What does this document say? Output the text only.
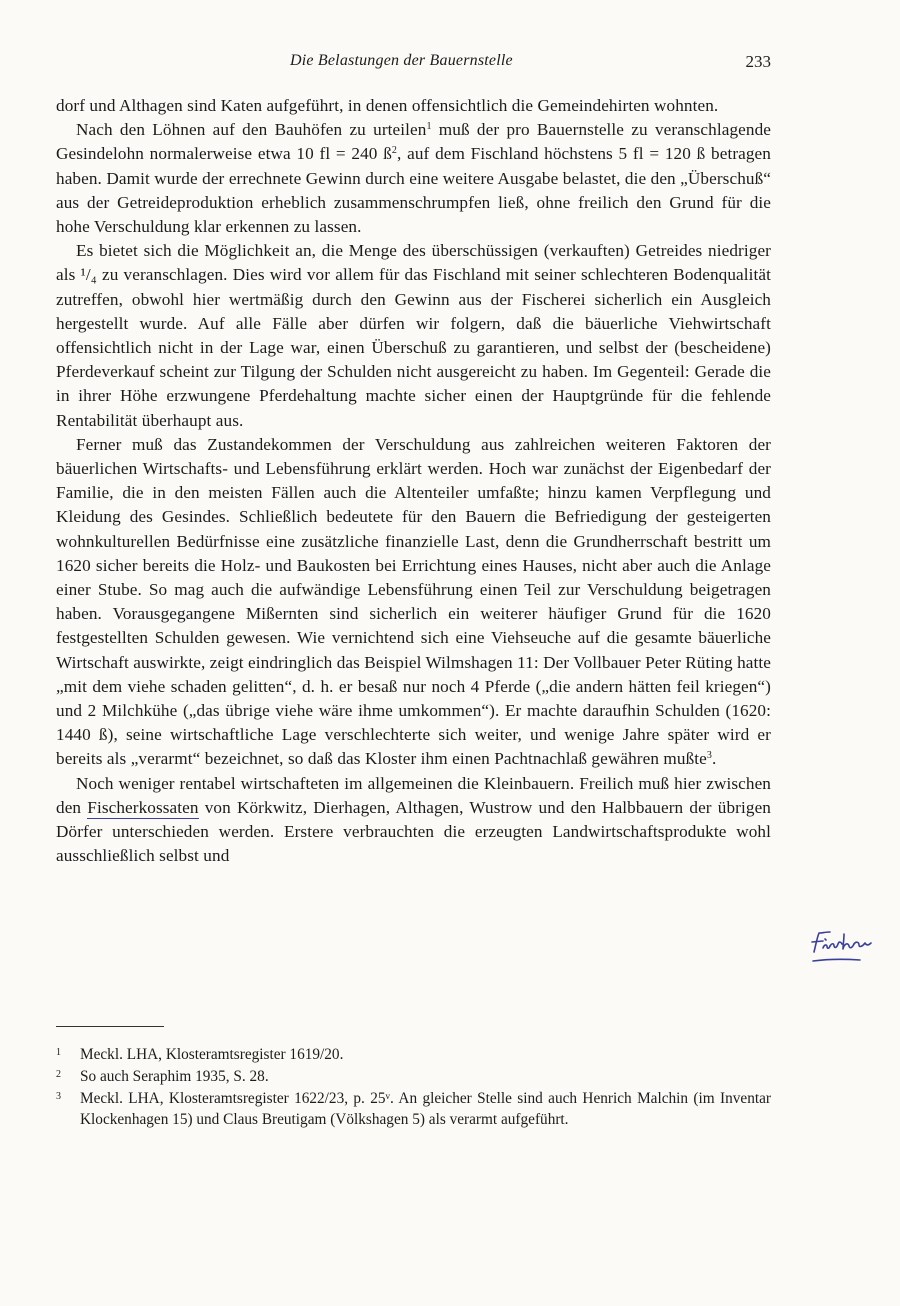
Die Belastungen der Bauernstelle	233

dorf und Althagen sind Katen aufgeführt, in denen offensichtlich die Gemeindehirten wohnten.

Nach den Löhnen auf den Bauhöfen zu urteilen$^1$ muß der pro Bauernstelle zu veranschlagende Gesindelohn normalerweise etwa 10 fl = 240 $ß^2$, auf dem Fischland höchstens 5 fl = 120 ß betragen haben. Damit wurde der errechnete Gewinn durch eine weitere Ausgabe belastet, die den „Überschuß“ aus der Getreideproduktion erheblich zusammenschrumpfen ließ, ohne freilich den Grund für die hohe Verschuldung klar erkennen zu lassen.

Es bietet sich die Möglichkeit an, die Menge des überschüssigen (verkauften) Getreides niedriger als ¹/₄ zu veranschlagen. Dies wird vor allem für das Fischland mit seiner schlechteren Bodenqualität zutreffen, obwohl hier wertmäßig durch den Gewinn aus der Fischerei sicherlich ein Ausgleich hergestellt wurde. Auf alle Fälle aber dürfen wir folgern, daß die bäuerliche Viehwirtschaft offensichtlich nicht in der Lage war, einen Überschuß zu garantieren, und selbst der (bescheidene) Pferdeverkauf scheint zur Tilgung der Schulden nicht ausgereicht zu haben. Im Gegenteil: Gerade die in ihrer Höhe erzwungene Pferdehaltung machte sicher einen der Hauptgründe für die fehlende Rentabilität überhaupt aus.

Ferner muß das Zustandekommen der Verschuldung aus zahlreichen weiteren Faktoren der bäuerlichen Wirtschafts- und Lebensführung erklärt werden. Hoch war zunächst der Eigenbedarf der Familie, die in den meisten Fällen auch die Altenteiler umfaßte; hinzu kamen Verpflegung und Kleidung des Gesindes. Schließlich bedeutete für den Bauern die Befriedigung der gesteigerten wohnkulturellen Bedürfnisse eine zusätzliche finanzielle Last, denn die Grundherrschaft bestritt um 1620 sicher bereits die Holz- und Baukosten bei Errichtung eines Hauses, nicht aber auch die Anlage einer Stube. So mag auch die aufwändige Lebensführung einen Teil zur Verschuldung beigetragen haben. Vorausgegangene Mißernten sind sicherlich ein weiterer häufiger Grund für die 1620 festgestellten Schulden gewesen. Wie vernichtend sich eine Viehseuche auf die gesamte bäuerliche Wirtschaft auswirkte, zeigt eindringlich das Beispiel Wilmshagen 11: Der Vollbauer Peter Rüting hatte „mit dem viehe schaden gelitten“, d. h. er besaß nur noch 4 Pferde („die andern hätten feil kriegen“) und 2 Milchkühe („das übrige viehe wäre ihme umkommen“). Er machte daraufhin Schulden (1620: 1440 ß), seine wirtschaftliche Lage verschlechterte sich weiter, und wenige Jahre später wird er bereits als „verarmt“ bezeichnet, so daß das Kloster ihm einen Pachtnachlaß gewähren mußte$^3$.

Noch weniger rentabel wirtschafteten im allgemeinen die Kleinbauern. Freilich muß hier zwischen den Fischerkossaten von Körkwitz, Dierhagen, Althagen, Wustrow und den Halbbauern der übrigen Dörfer unterschieden werden. Erstere verbrauchten die erzeugten Landwirtschaftsprodukte wohl ausschließlich selbst und

1	Meckl. LHA, Klosteramtsregister 1619/20.
2	So auch Seraphim 1935, S. 28.
3	Meckl. LHA, Klosteramtsregister 1622/23, p. 25ᵛ. An gleicher Stelle sind auch Henrich Malchin (im Inventar Klockenhagen 15) und Claus Breutigam (Völkshagen 5) als verarmt aufgeführt.
